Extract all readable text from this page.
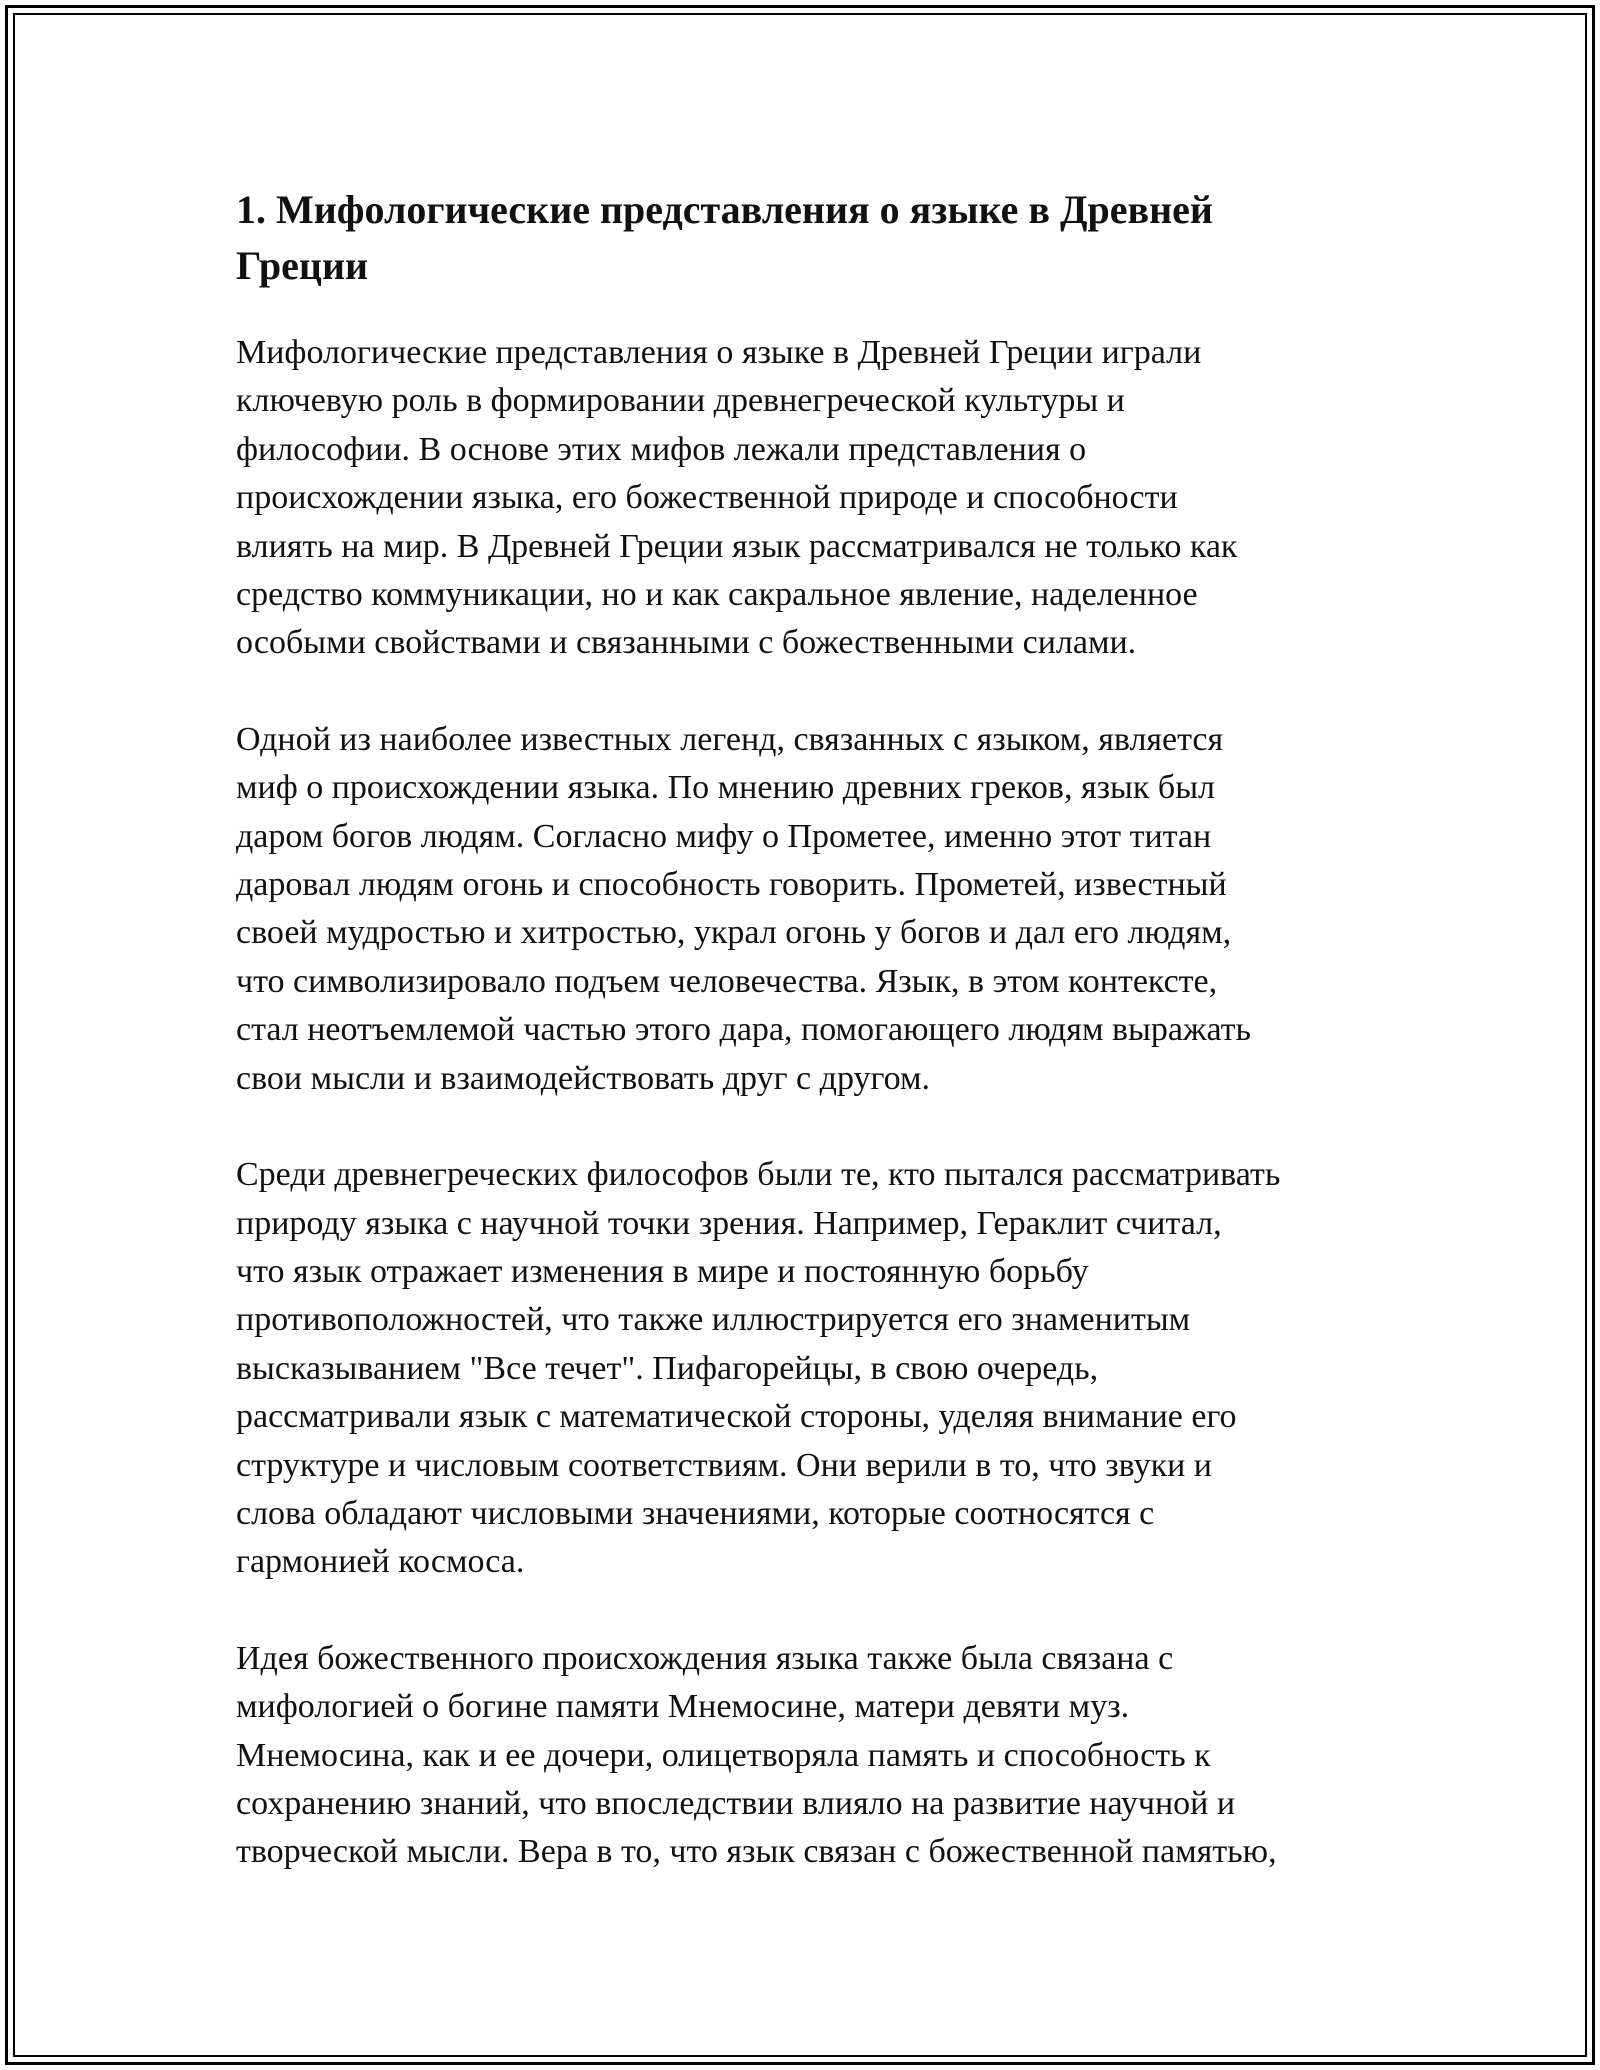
1. Мифологические представления о языке в Древней Греции

Мифологические представления о языке в Древней Греции играли
ключевую роль в формировании древнегреческой культуры и
философии. В основе этих мифов лежали представления о
происхождении языка, его божественной природе и способности
влиять на мир. В Древней Греции язык рассматривался не только как
средство коммуникации, но и как сакральное явление, наделенное
особыми свойствами и связанными с божественными силами.

Одной из наиболее известных легенд, связанных с языком, является
миф о происхождении языка. По мнению древних греков, язык был
даром богов людям. Согласно мифу о Прометее, именно этот титан
даровал людям огонь и способность говорить. Прометей, известный
своей мудростью и хитростью, украл огонь у богов и дал его людям,
что символизировало подъем человечества. Язык, в этом контексте,
стал неотъемлемой частью этого дара, помогающего людям выражать
свои мысли и взаимодействовать друг с другом.

Среди древнегреческих философов были те, кто пытался рассматривать
природу языка с научной точки зрения. Например, Гераклит считал,
что язык отражает изменения в мире и постоянную борьбу
противоположностей, что также иллюстрируется его знаменитым
высказыванием "Все течет". Пифагорейцы, в свою очередь,
рассматривали язык с математической стороны, уделяя внимание его
структуре и числовым соответствиям. Они верили в то, что звуки и
слова обладают числовыми значениями, которые соотносятся с
гармонией космоса.

Идея божественного происхождения языка также была связана с
мифологией о богине памяти Мнемосине, матери девяти муз.
Мнемосина, как и ее дочери, олицетворяла память и способность к
сохранению знаний, что впоследствии влияло на развитие научной и
творческой мысли. Вера в то, что язык связан с божественной памятью,
